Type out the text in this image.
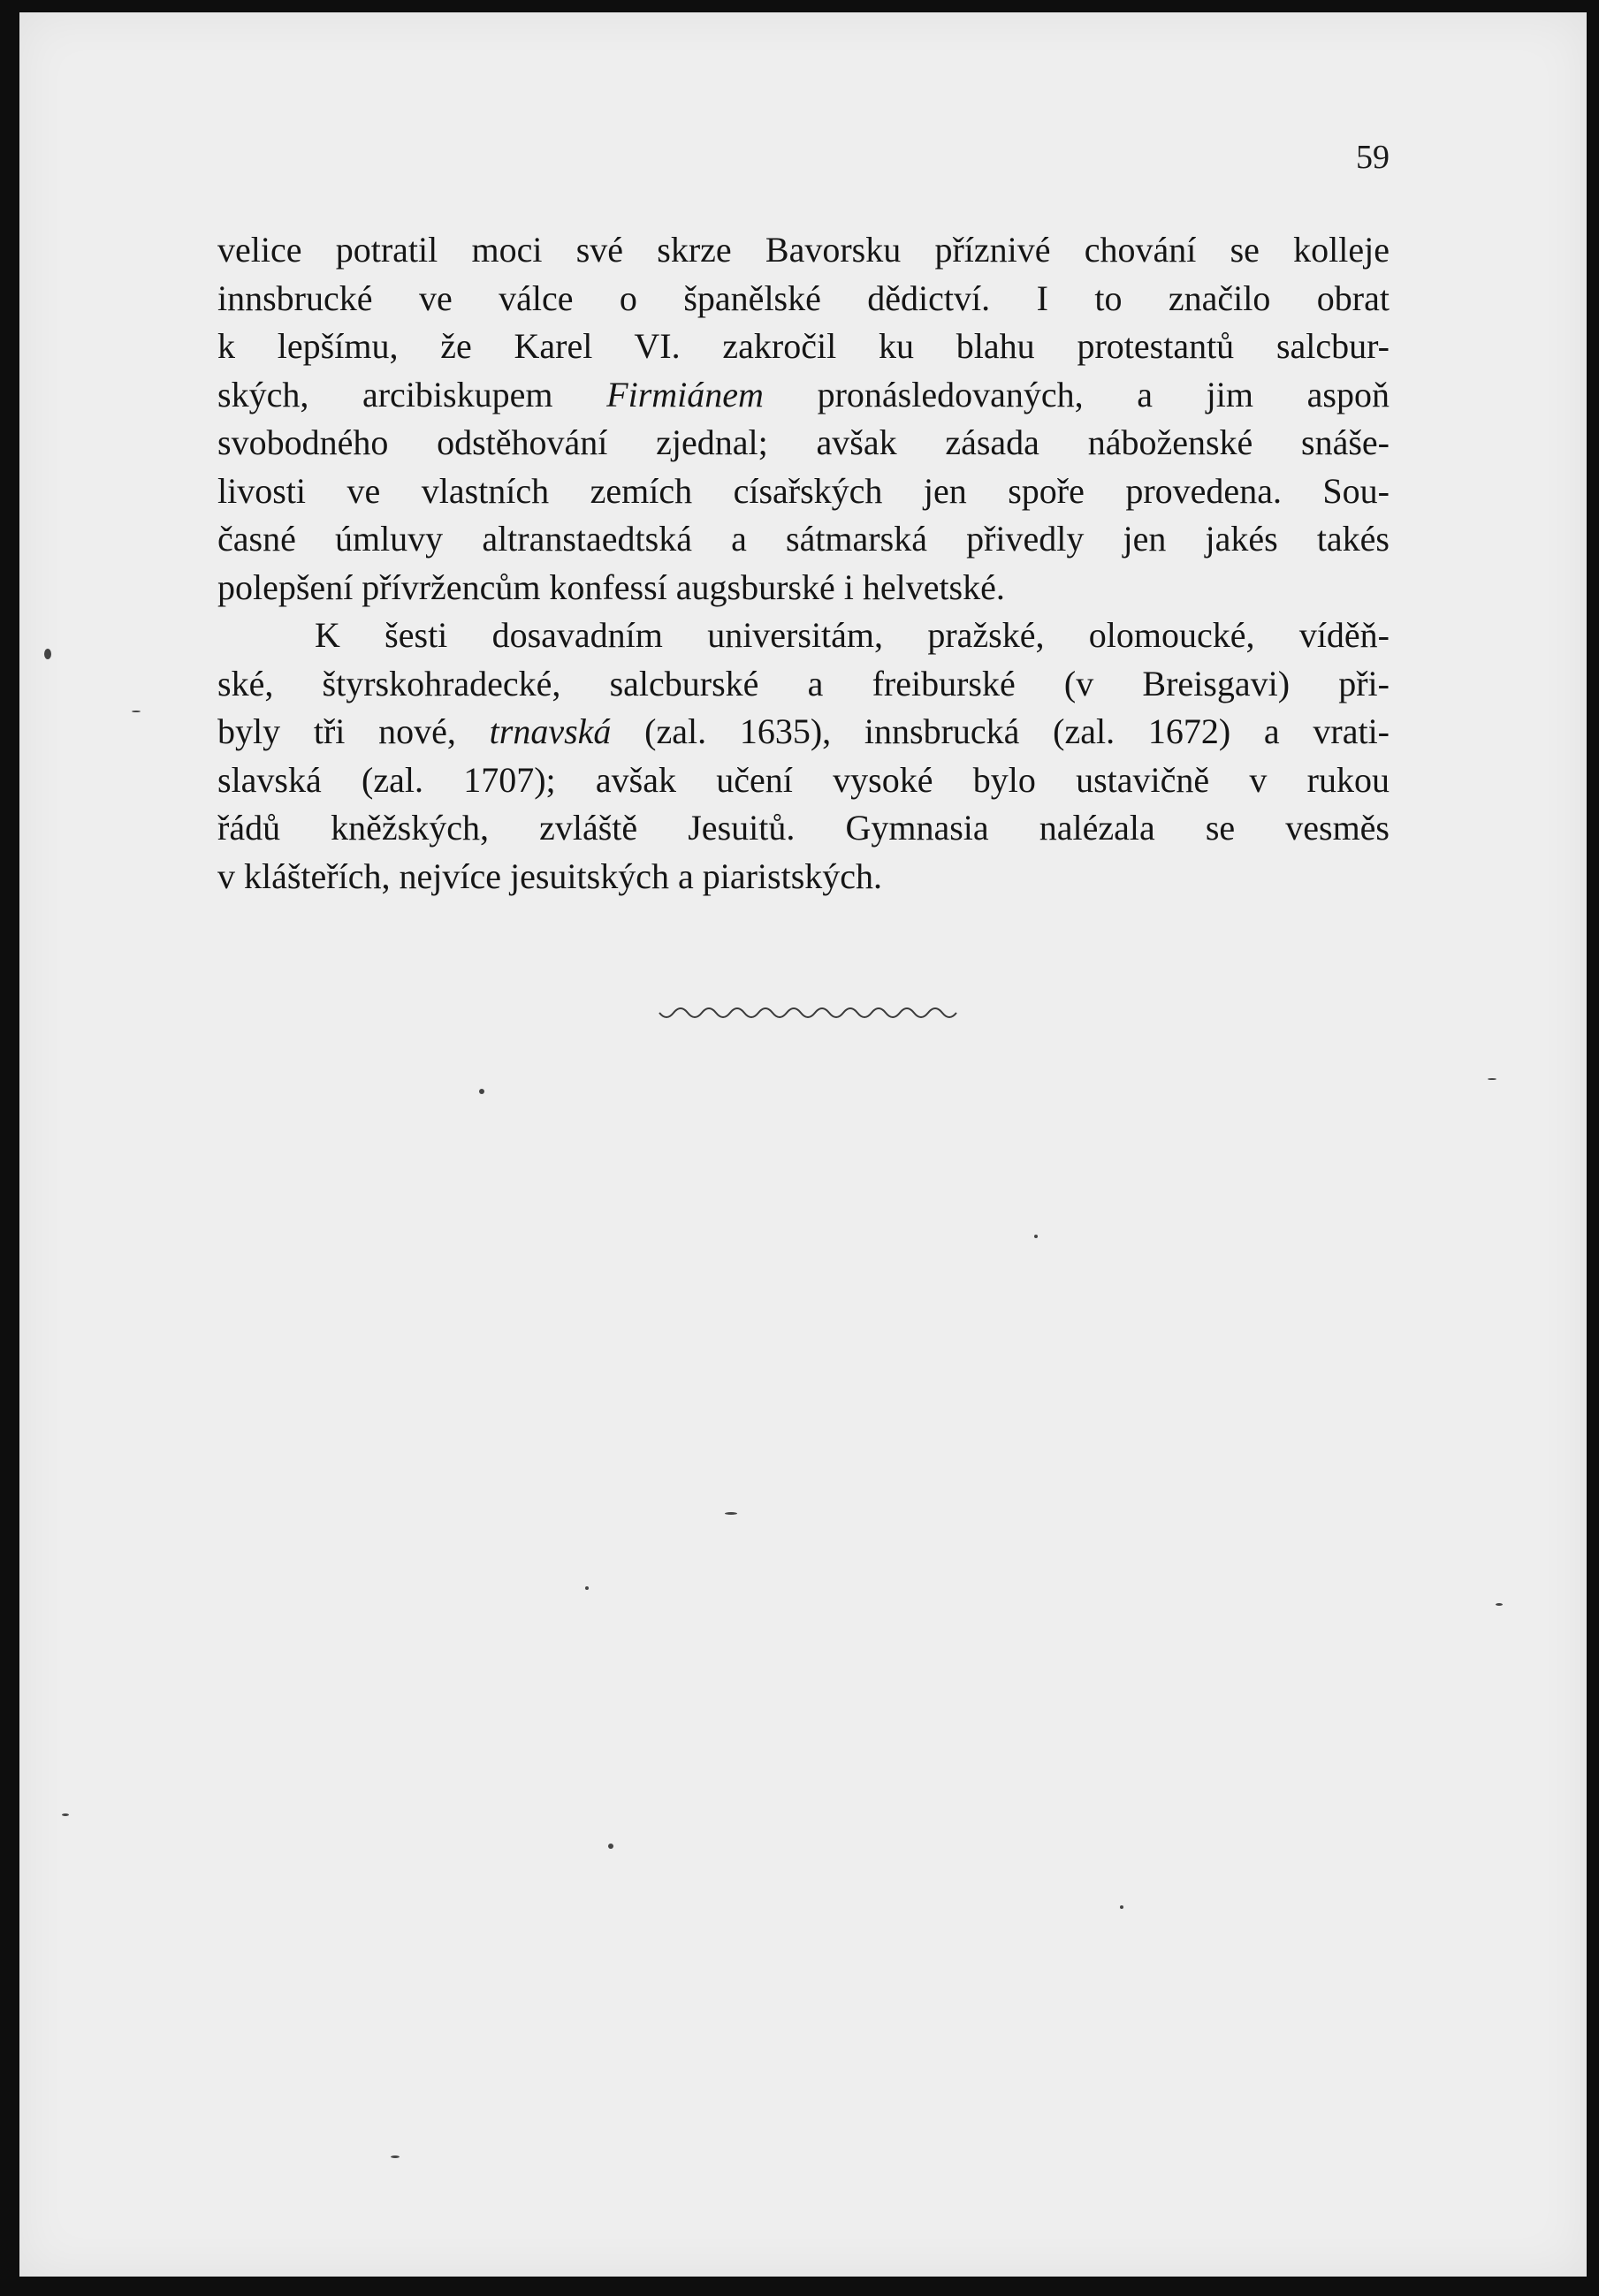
59
velice potratil moci své skrze Bavorsku příznivé chování se kolleje
innsbrucké ve válce o španělské dědictví. I to značilo obrat
k lepšímu, že Karel VI. zakročil ku blahu protestantů salcbur-
ských, arcibiskupem Firmiánem pronásledovaných, a jim aspoň
svobodného odstěhování zjednal; avšak zásada náboženské snáše-
livosti ve vlastních zemích císařských jen spoře provedena. Sou-
časné úmluvy altranstaedtská a sátmarská přivedly jen jakés takés
polepšení přívržencům konfessí augsburské i helvetské.
K šesti dosavadním universitám, pražské, olomoucké, víděň-
ské, štyrskohradecké, salcburské a freiburské (v Breisgavi) při-
byly tři nové, trnavská (zal. 1635), innsbrucká (zal. 1672) a vrati-
slavská (zal. 1707); avšak učení vysoké bylo ustavičně v rukou
řádů kněžských, zvláště Jesuitů. Gymnasia nalézala se vesměs
v klášteřích, nejvíce jesuitských a piaristských.
